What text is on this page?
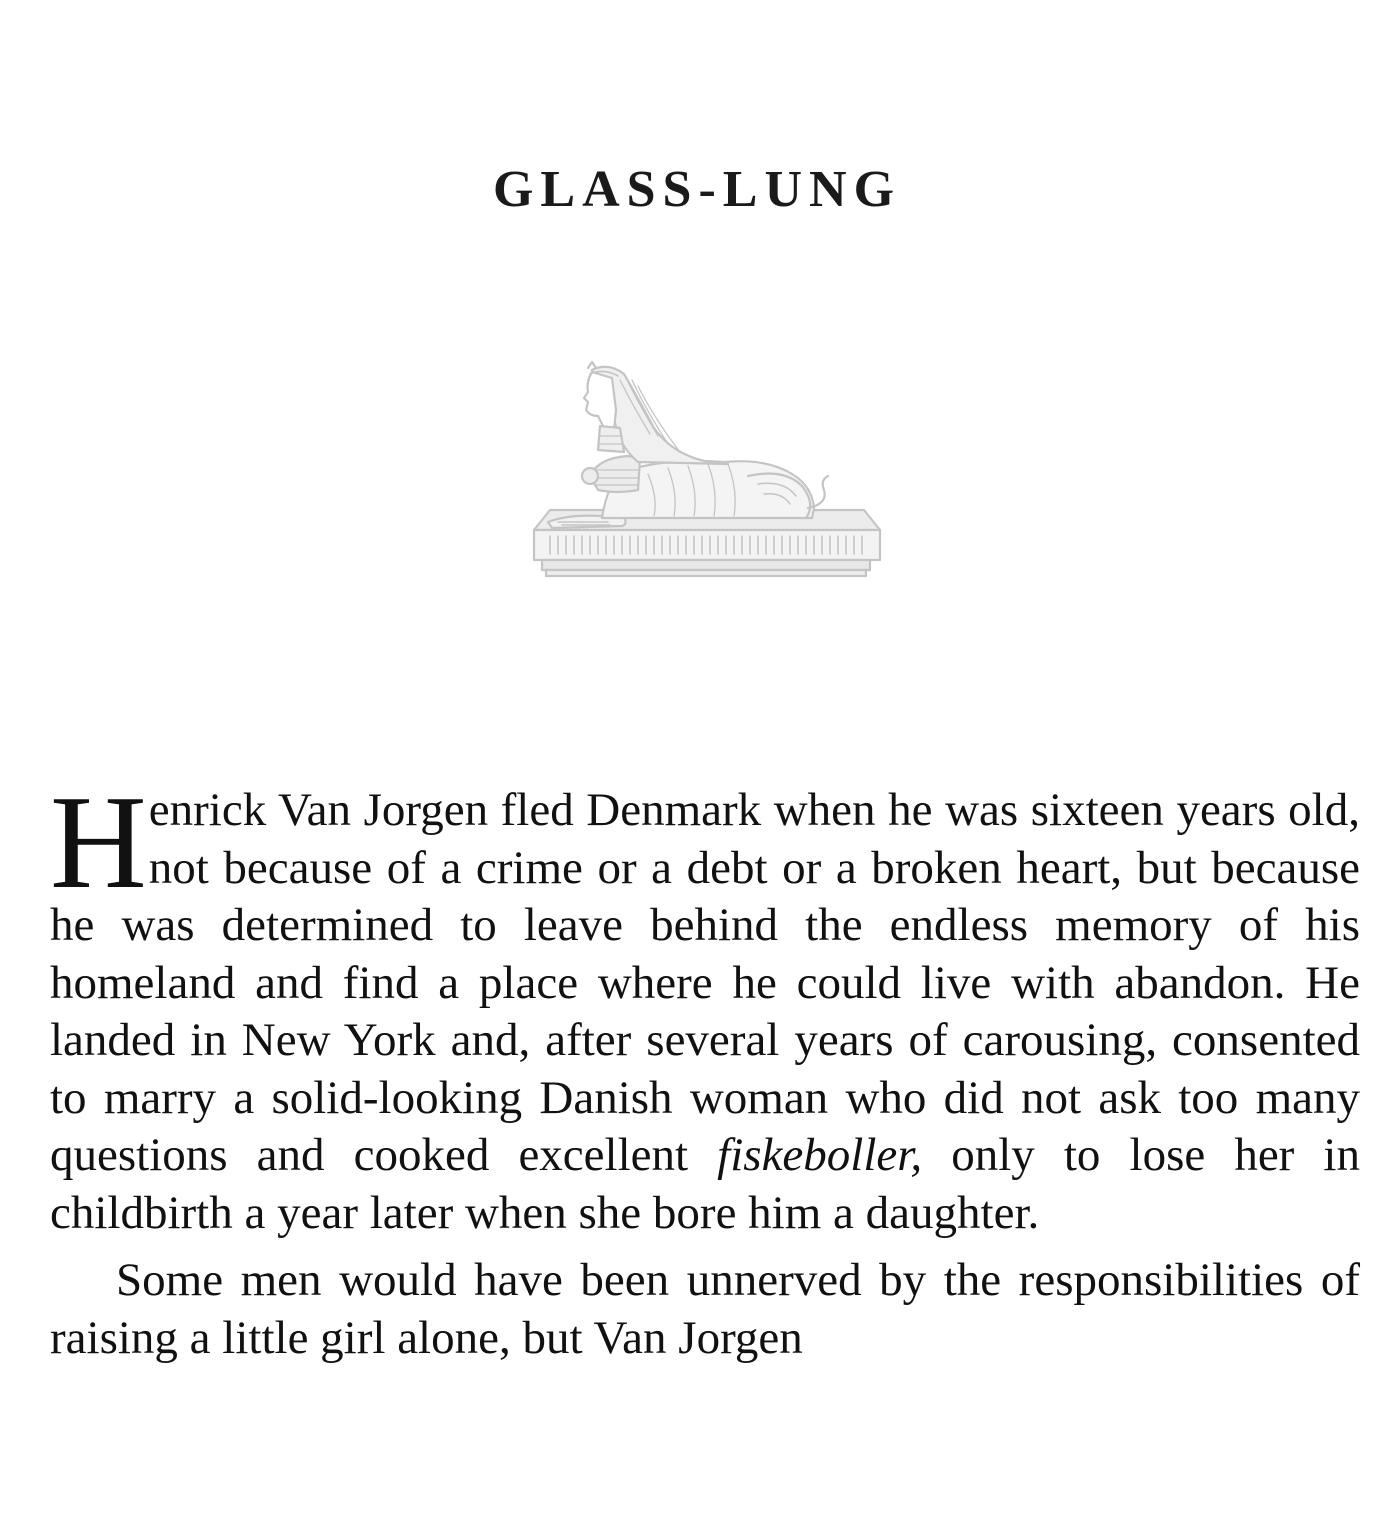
GLASS-LUNG

Henrick Van Jorgen fled Denmark when he was sixteen years old, not because of a crime or a debt or a broken heart, but because he was determined to leave behind the endless memory of his homeland and find a place where he could live with abandon. He landed in New York and, after several years of carousing, consented to marry a solid-looking Danish woman who did not ask too many questions and cooked excellent fiskeboller, only to lose her in childbirth a year later when she bore him a daughter.

Some men would have been unnerved by the responsibilities of raising a little girl alone, but Van Jorgen
